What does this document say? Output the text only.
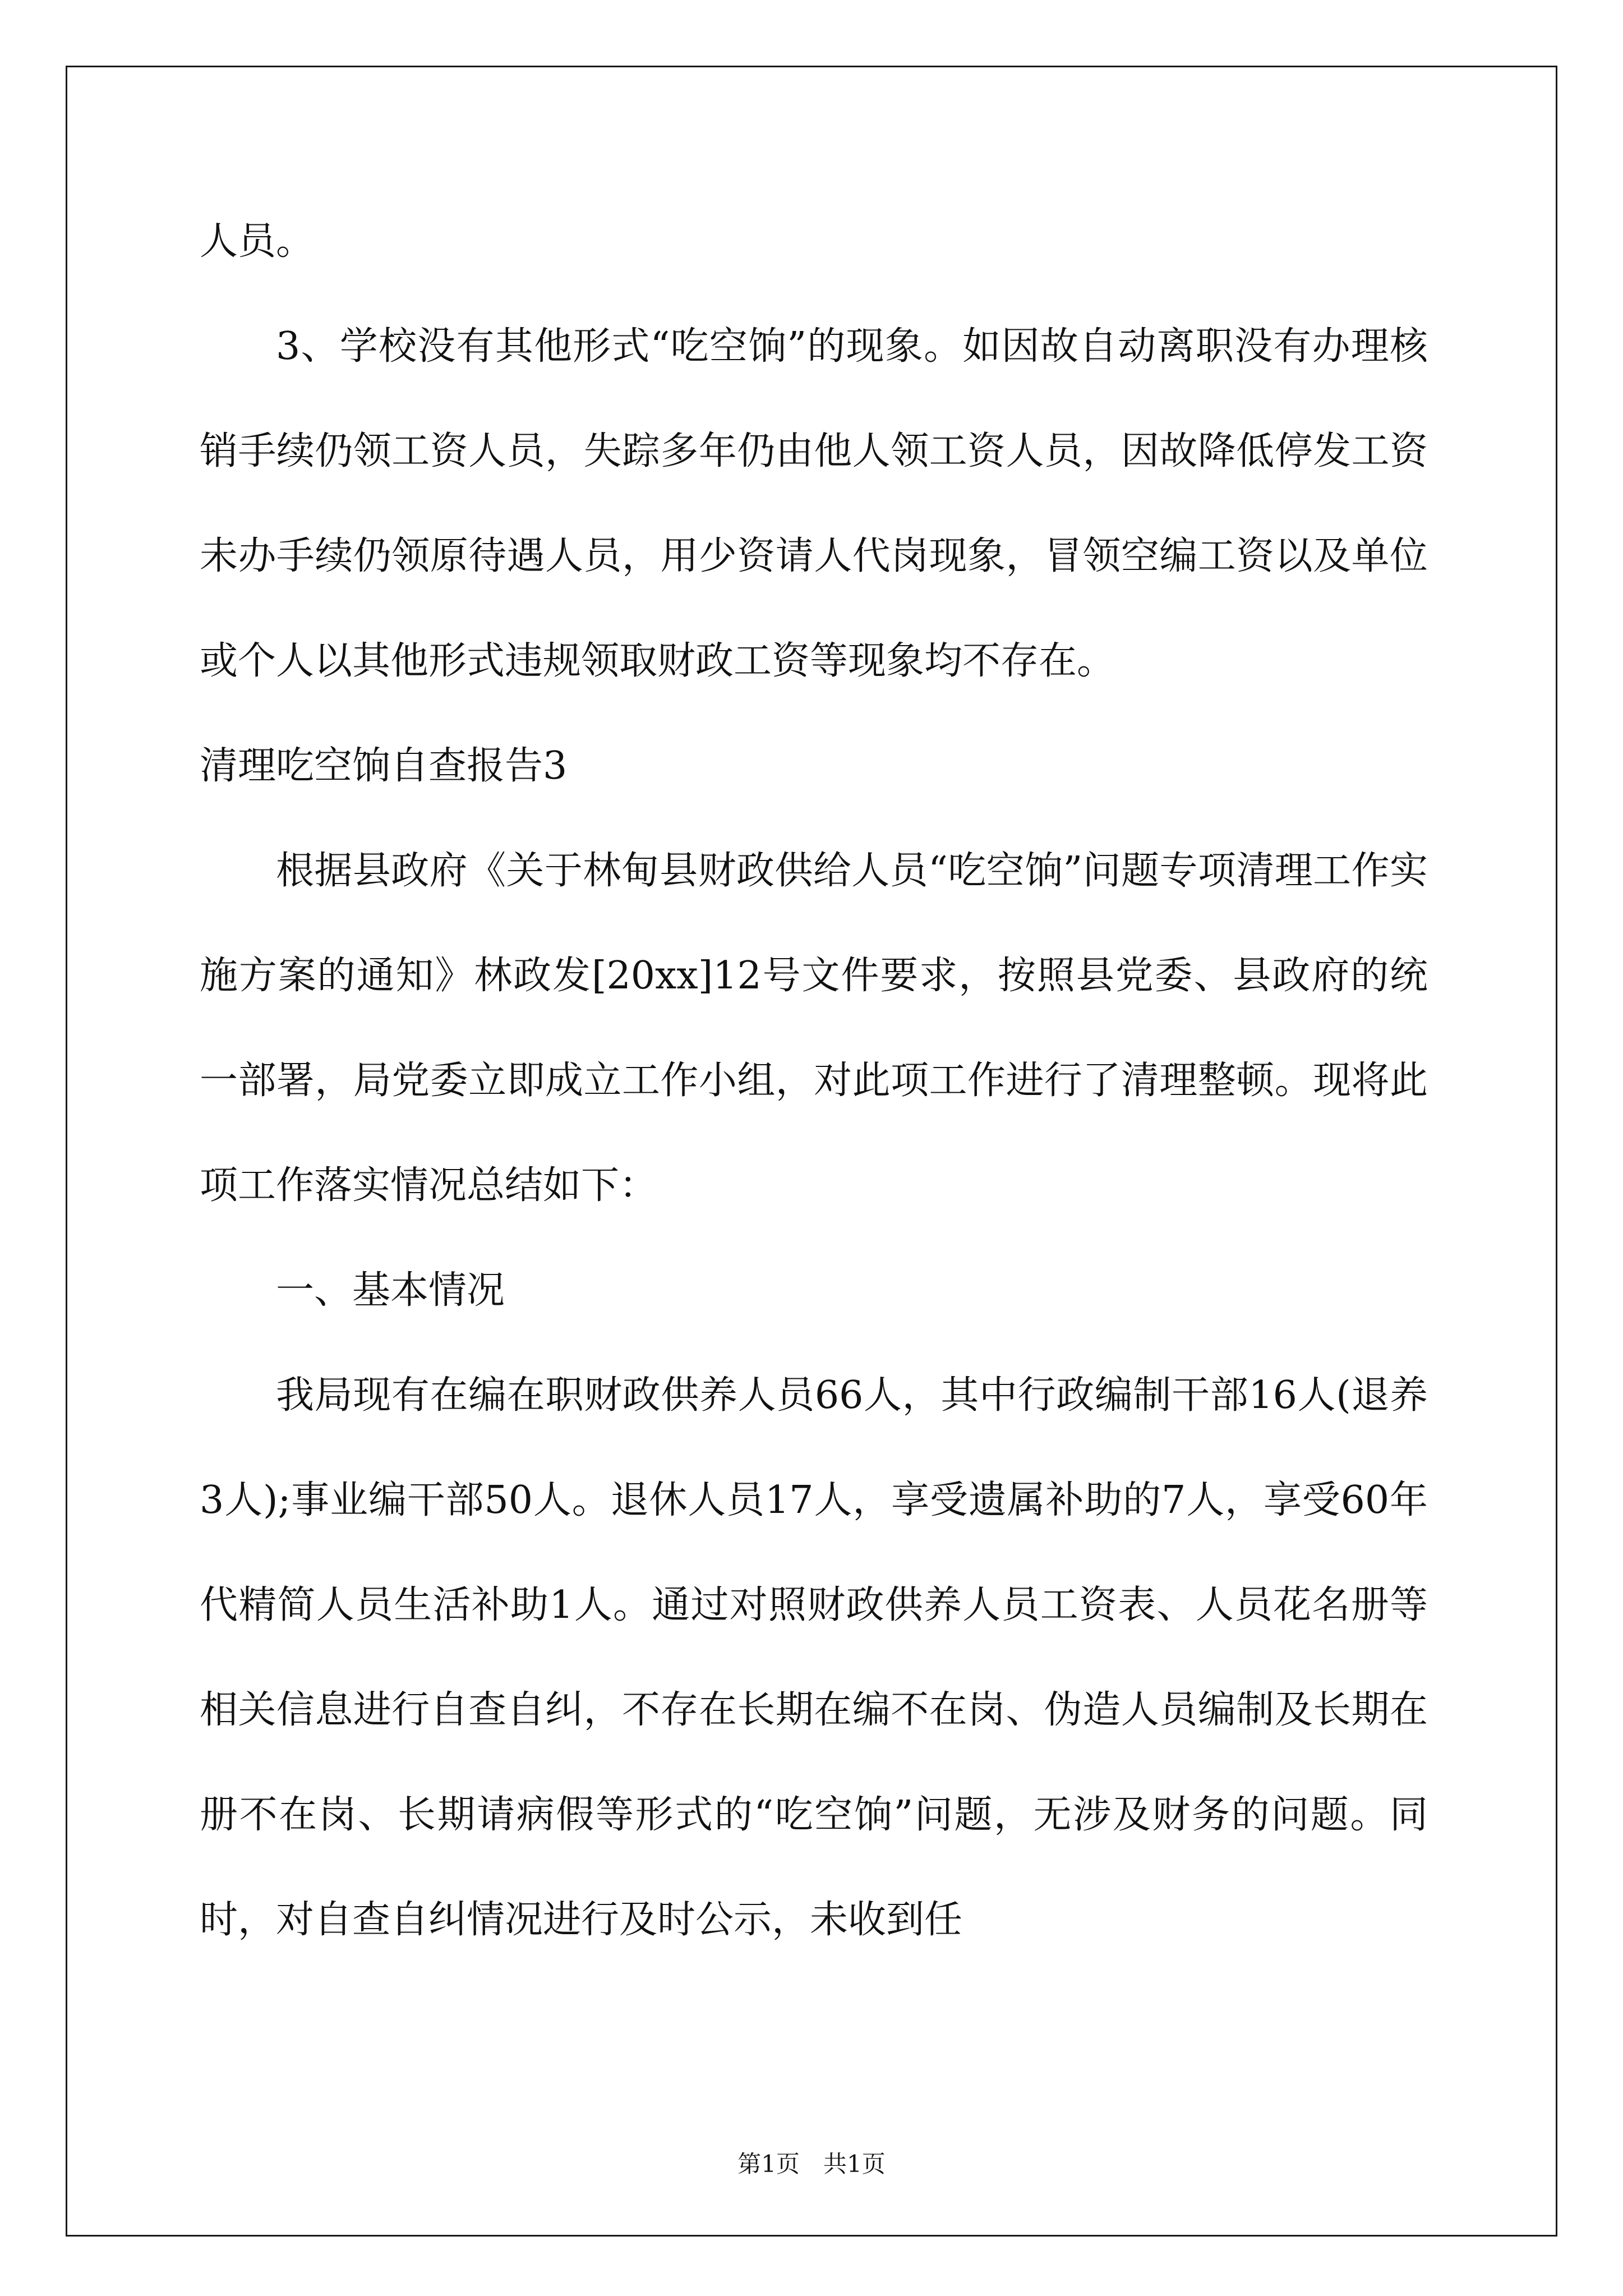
人员。

3、学校没有其他形式“吃空饷”的现象。如因故自动离职没有办理核销手续仍领工资人员，失踪多年仍由他人领工资人员，因故降低停发工资未办手续仍领原待遇人员，用少资请人代岗现象，冒领空编工资以及单位或个人以其他形式违规领取财政工资等现象均不存在。

清理吃空饷自查报告3

根据县政府《关于林甸县财政供给人员“吃空饷”问题专项清理工作实施方案的通知》林政发[20xx]12号文件要求，按照县党委、县政府的统一部署，局党委立即成立工作小组，对此项工作进行了清理整顿。现将此项工作落实情况总结如下：

一、基本情况

我局现有在编在职财政供养人员66人，其中行政编制干部16人(退养3人);事业编干部50人。退休人员17人，享受遗属补助的7人，享受60年代精简人员生活补助1人。通过对照财政供养人员工资表、人员花名册等相关信息进行自查自纠，不存在长期在编不在岗、伪造人员编制及长期在册不在岗、长期请病假等形式的“吃空饷”问题，无涉及财务的问题。同时，对自查自纠情况进行及时公示，未收到任

第1页　共1页
